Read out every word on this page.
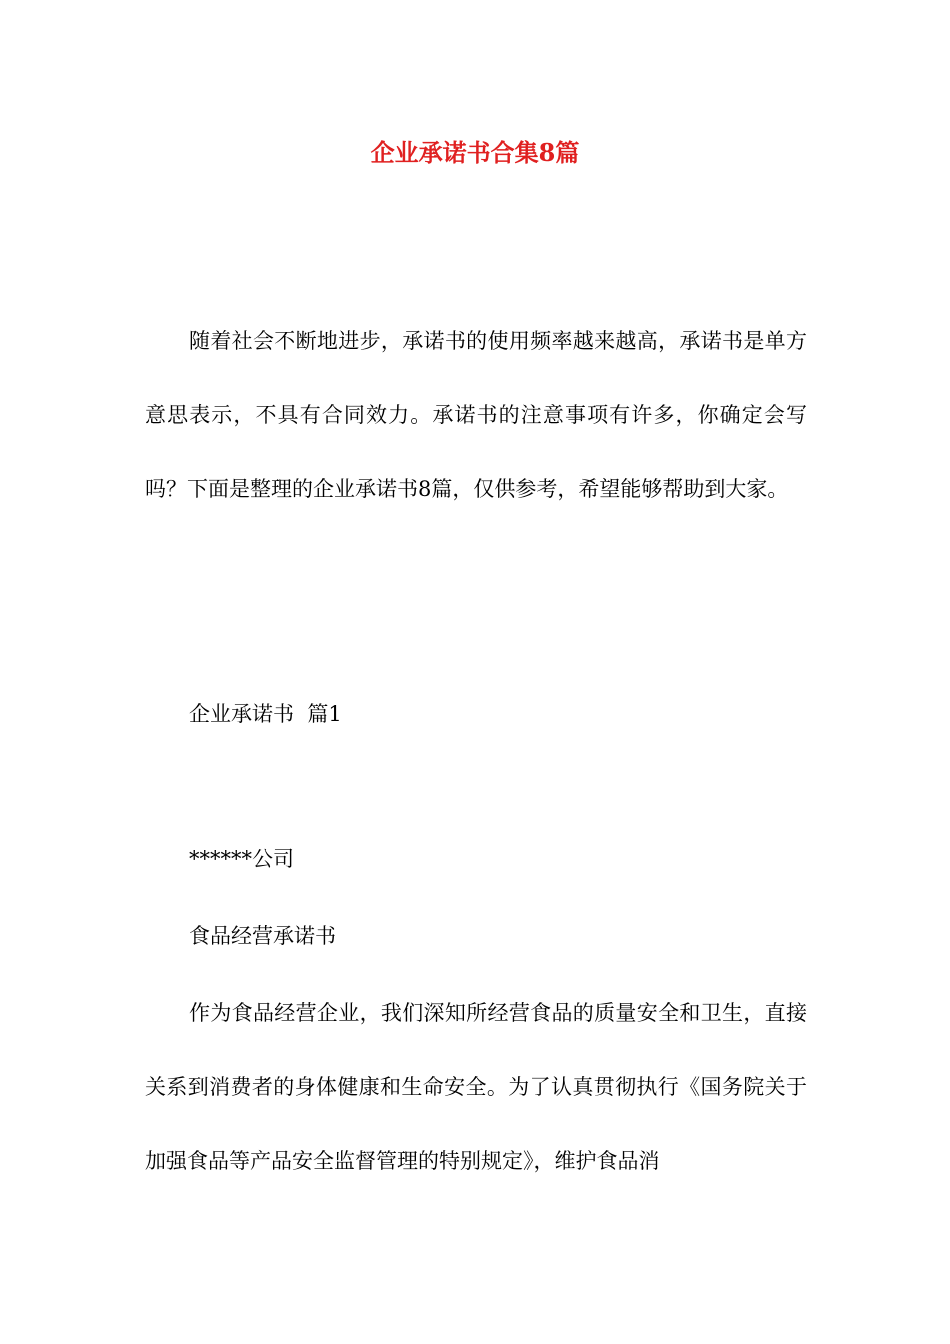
企业承诺书合集8篇

随着社会不断地进步，承诺书的使用频率越来越高，承诺书是单方意思表示，不具有合同效力。承诺书的注意事项有许多，你确定会写吗？下面是整理的企业承诺书8篇，仅供参考，希望能够帮助到大家。

企业承诺书  篇1

******公司

食品经营承诺书

作为食品经营企业，我们深知所经营食品的质量安全和卫生，直接关系到消费者的身体健康和生命安全。为了认真贯彻执行《国务院关于加强食品等产品安全监督管理的特别规定》，维护食品消
